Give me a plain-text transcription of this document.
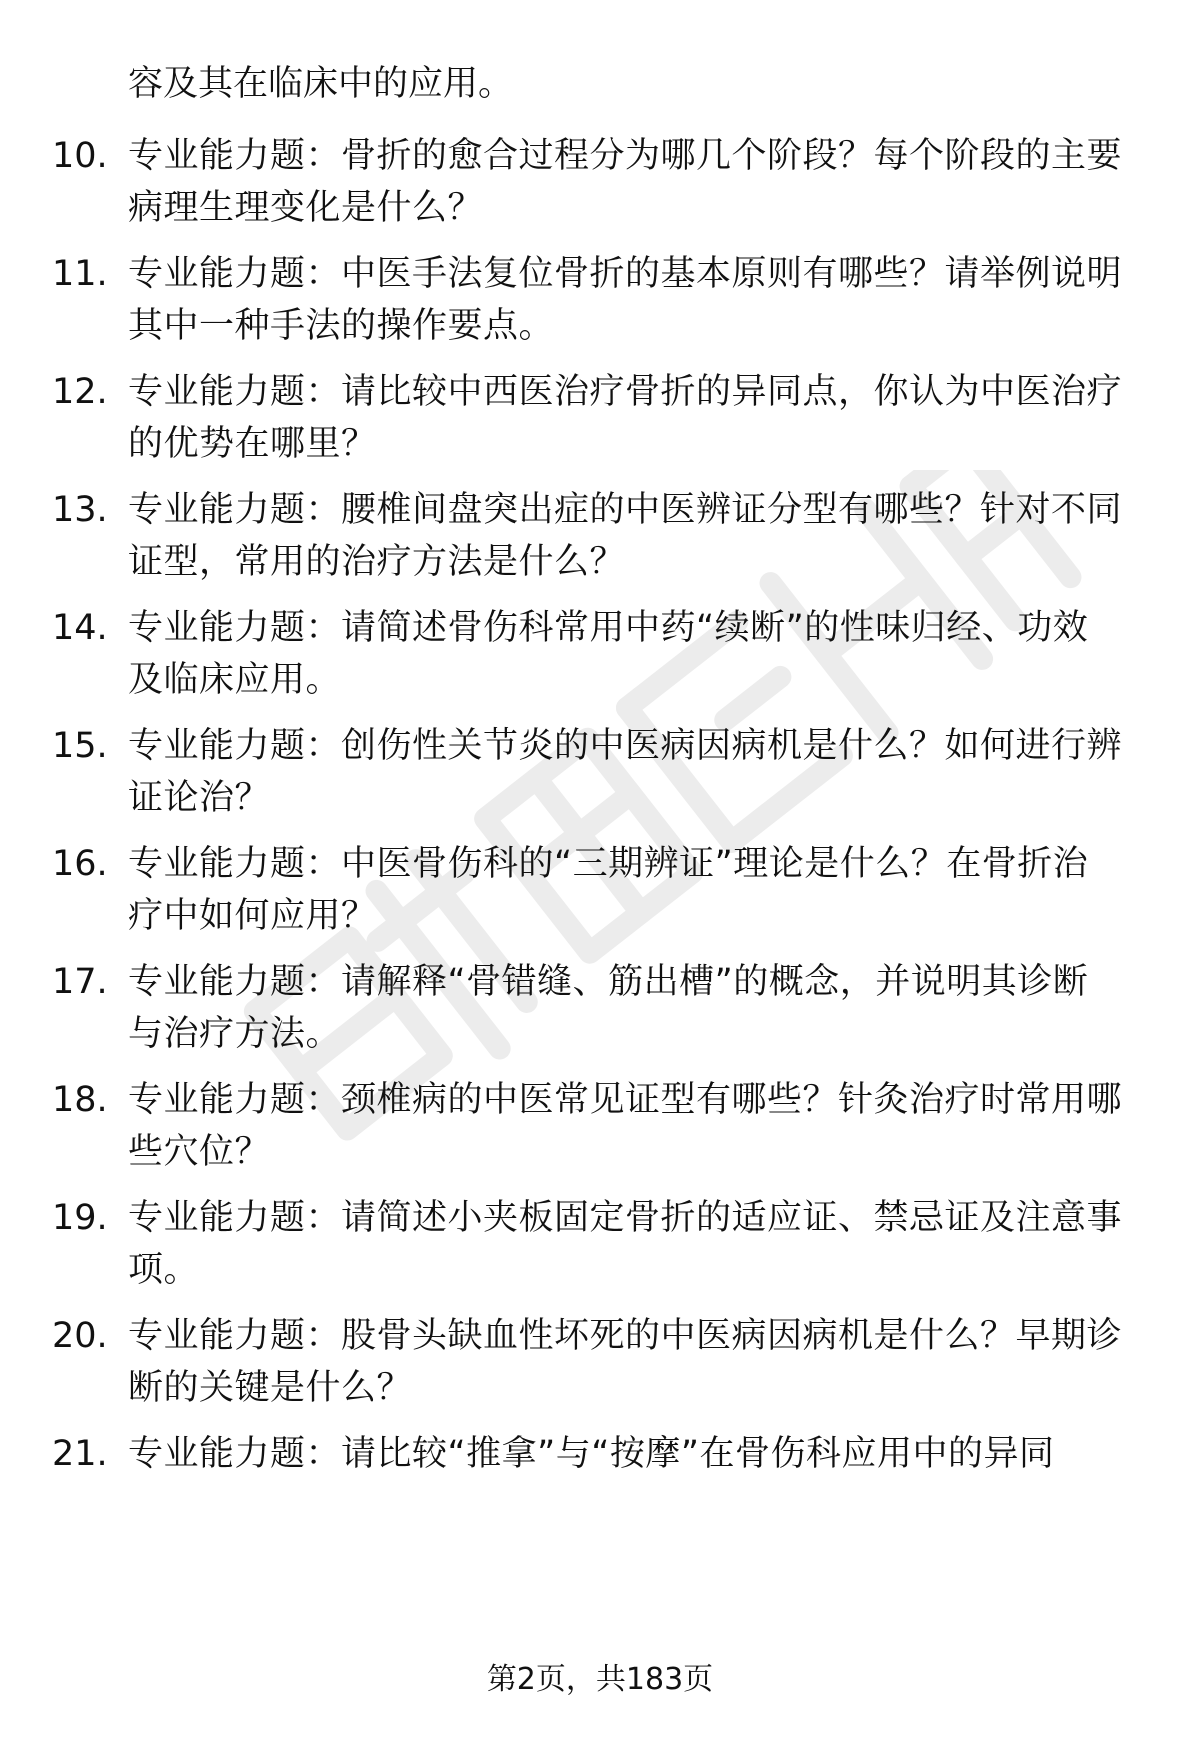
容及其在临床中的应用。
10. 专业能力题：骨折的愈合过程分为哪几个阶段？每个阶段的主要
病理生理变化是什么？
11. 专业能力题：中医手法复位骨折的基本原则有哪些？请举例说明
其中一种手法的操作要点。
12. 专业能力题：请比较中西医治疗骨折的异同点，你认为中医治疗
的优势在哪里？
13. 专业能力题：腰椎间盘突出症的中医辨证分型有哪些？针对不同
证型，常用的治疗方法是什么？
14. 专业能力题：请简述骨伤科常用中药“续断”的性味归经、功效
及临床应用。
15. 专业能力题：创伤性关节炎的中医病因病机是什么？如何进行辨
证论治？
16. 专业能力题：中医骨伤科的“三期辨证”理论是什么？在骨折治
疗中如何应用？
17. 专业能力题：请解释“骨错缝、筋出槽”的概念，并说明其诊断
与治疗方法。
18. 专业能力题：颈椎病的中医常见证型有哪些？针灸治疗时常用哪
些穴位？
19. 专业能力题：请简述小夹板固定骨折的适应证、禁忌证及注意事
项。
20. 专业能力题：股骨头缺血性坏死的中医病因病机是什么？早期诊
断的关键是什么？
21. 专业能力题：请比较“推拿”与“按摩”在骨伤科应用中的异同
第2页，共183页
